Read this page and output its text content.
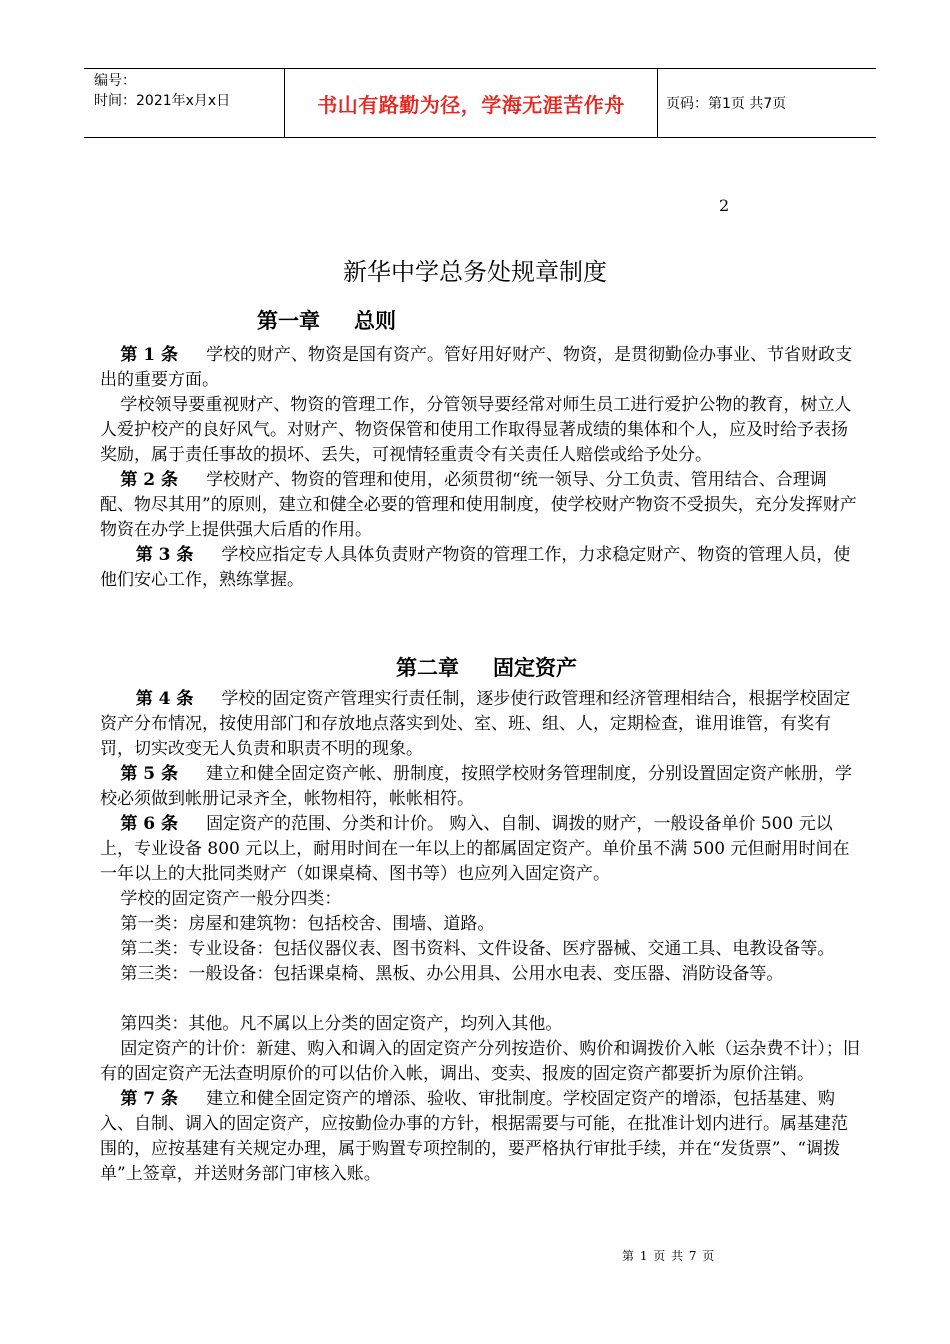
编号：
时间：2021年x月x日	书山有路勤为径，学海无涯苦作舟	页码：第1页 共7页
2
新华中学总务处规章制度
第一章 总则
第二章 固定资产

第 1 条 学校的财产、物资是国有资产。管好用好财产、物资，是贯彻勤俭办事业、节省财政支出的重要方面。

学校领导要重视财产、物资的管理工作，分管领导要经常对师生员工进行爱护公物的教育，树立人人爱护校产的良好风气。对财产、物资保管和使用工作取得显著成绩的集体和个人，应及时给予表扬奖励，属于责任事故的损坏、丢失，可视情轻重责令有关责任人赔偿或给予处分。

第 2 条 学校财产、物资的管理和使用，必须贯彻“统一领导、分工负责、管用结合、合理调配、物尽其用”的原则，建立和健全必要的管理和使用制度，使学校财产物资不受损失，充分发挥财产物资在办学上提供强大后盾的作用。

第 3 条 学校应指定专人具体负责财产物资的管理工作，力求稳定财产、物资的管理人员，使他们安心工作，熟练掌握。

第 4 条 学校的固定资产管理实行责任制，逐步使行政管理和经济管理相结合，根据学校固定资产分布情况，按使用部门和存放地点落实到处、室、班、组、人，定期检查，谁用谁管，有奖有罚，切实改变无人负责和职责不明的现象。

第 5 条 建立和健全固定资产帐、册制度，按照学校财务管理制度，分别设置固定资产帐册，学校必须做到帐册记录齐全，帐物相符，帐帐相符。

第 6 条 固定资产的范围、分类和计价。 购入、自制、调拨的财产，一般设备单价 500 元以上，专业设备 800 元以上，耐用时间在一年以上的都属固定资产。单价虽不满 500 元但耐用时间在一年以上的大批同类财产（如课桌椅、图书等）也应列入固定资产。

学校的固定资产一般分四类：

第一类：房屋和建筑物：包括校舍、围墙、道路。

第二类：专业设备：包括仪器仪表、图书资料、文件设备、医疗器械、交通工具、电教设备等。

第三类：一般设备：包括课桌椅、黑板、办公用具、公用水电表、变压器、消防设备等。

第四类：其他。凡不属以上分类的固定资产，均列入其他。

固定资产的计价：新建、购入和调入的固定资产分列按造价、购价和调拨价入帐（运杂费不计）；旧有的固定资产无法查明原价的可以估价入帐，调出、变卖、报废的固定资产都要折为原价注销。

第 7 条 建立和健全固定资产的增添、验收、审批制度。学校固定资产的增添，包括基建、购入、自制、调入的固定资产，应按勤俭办事的方针，根据需要与可能，在批准计划内进行。属基建范围的，应按基建有关规定办理，属于购置专项控制的，要严格执行审批手续，并在“发货票”、“调拨单”上签章，并送财务部门审核入账。

第 1 页 共 7 页
